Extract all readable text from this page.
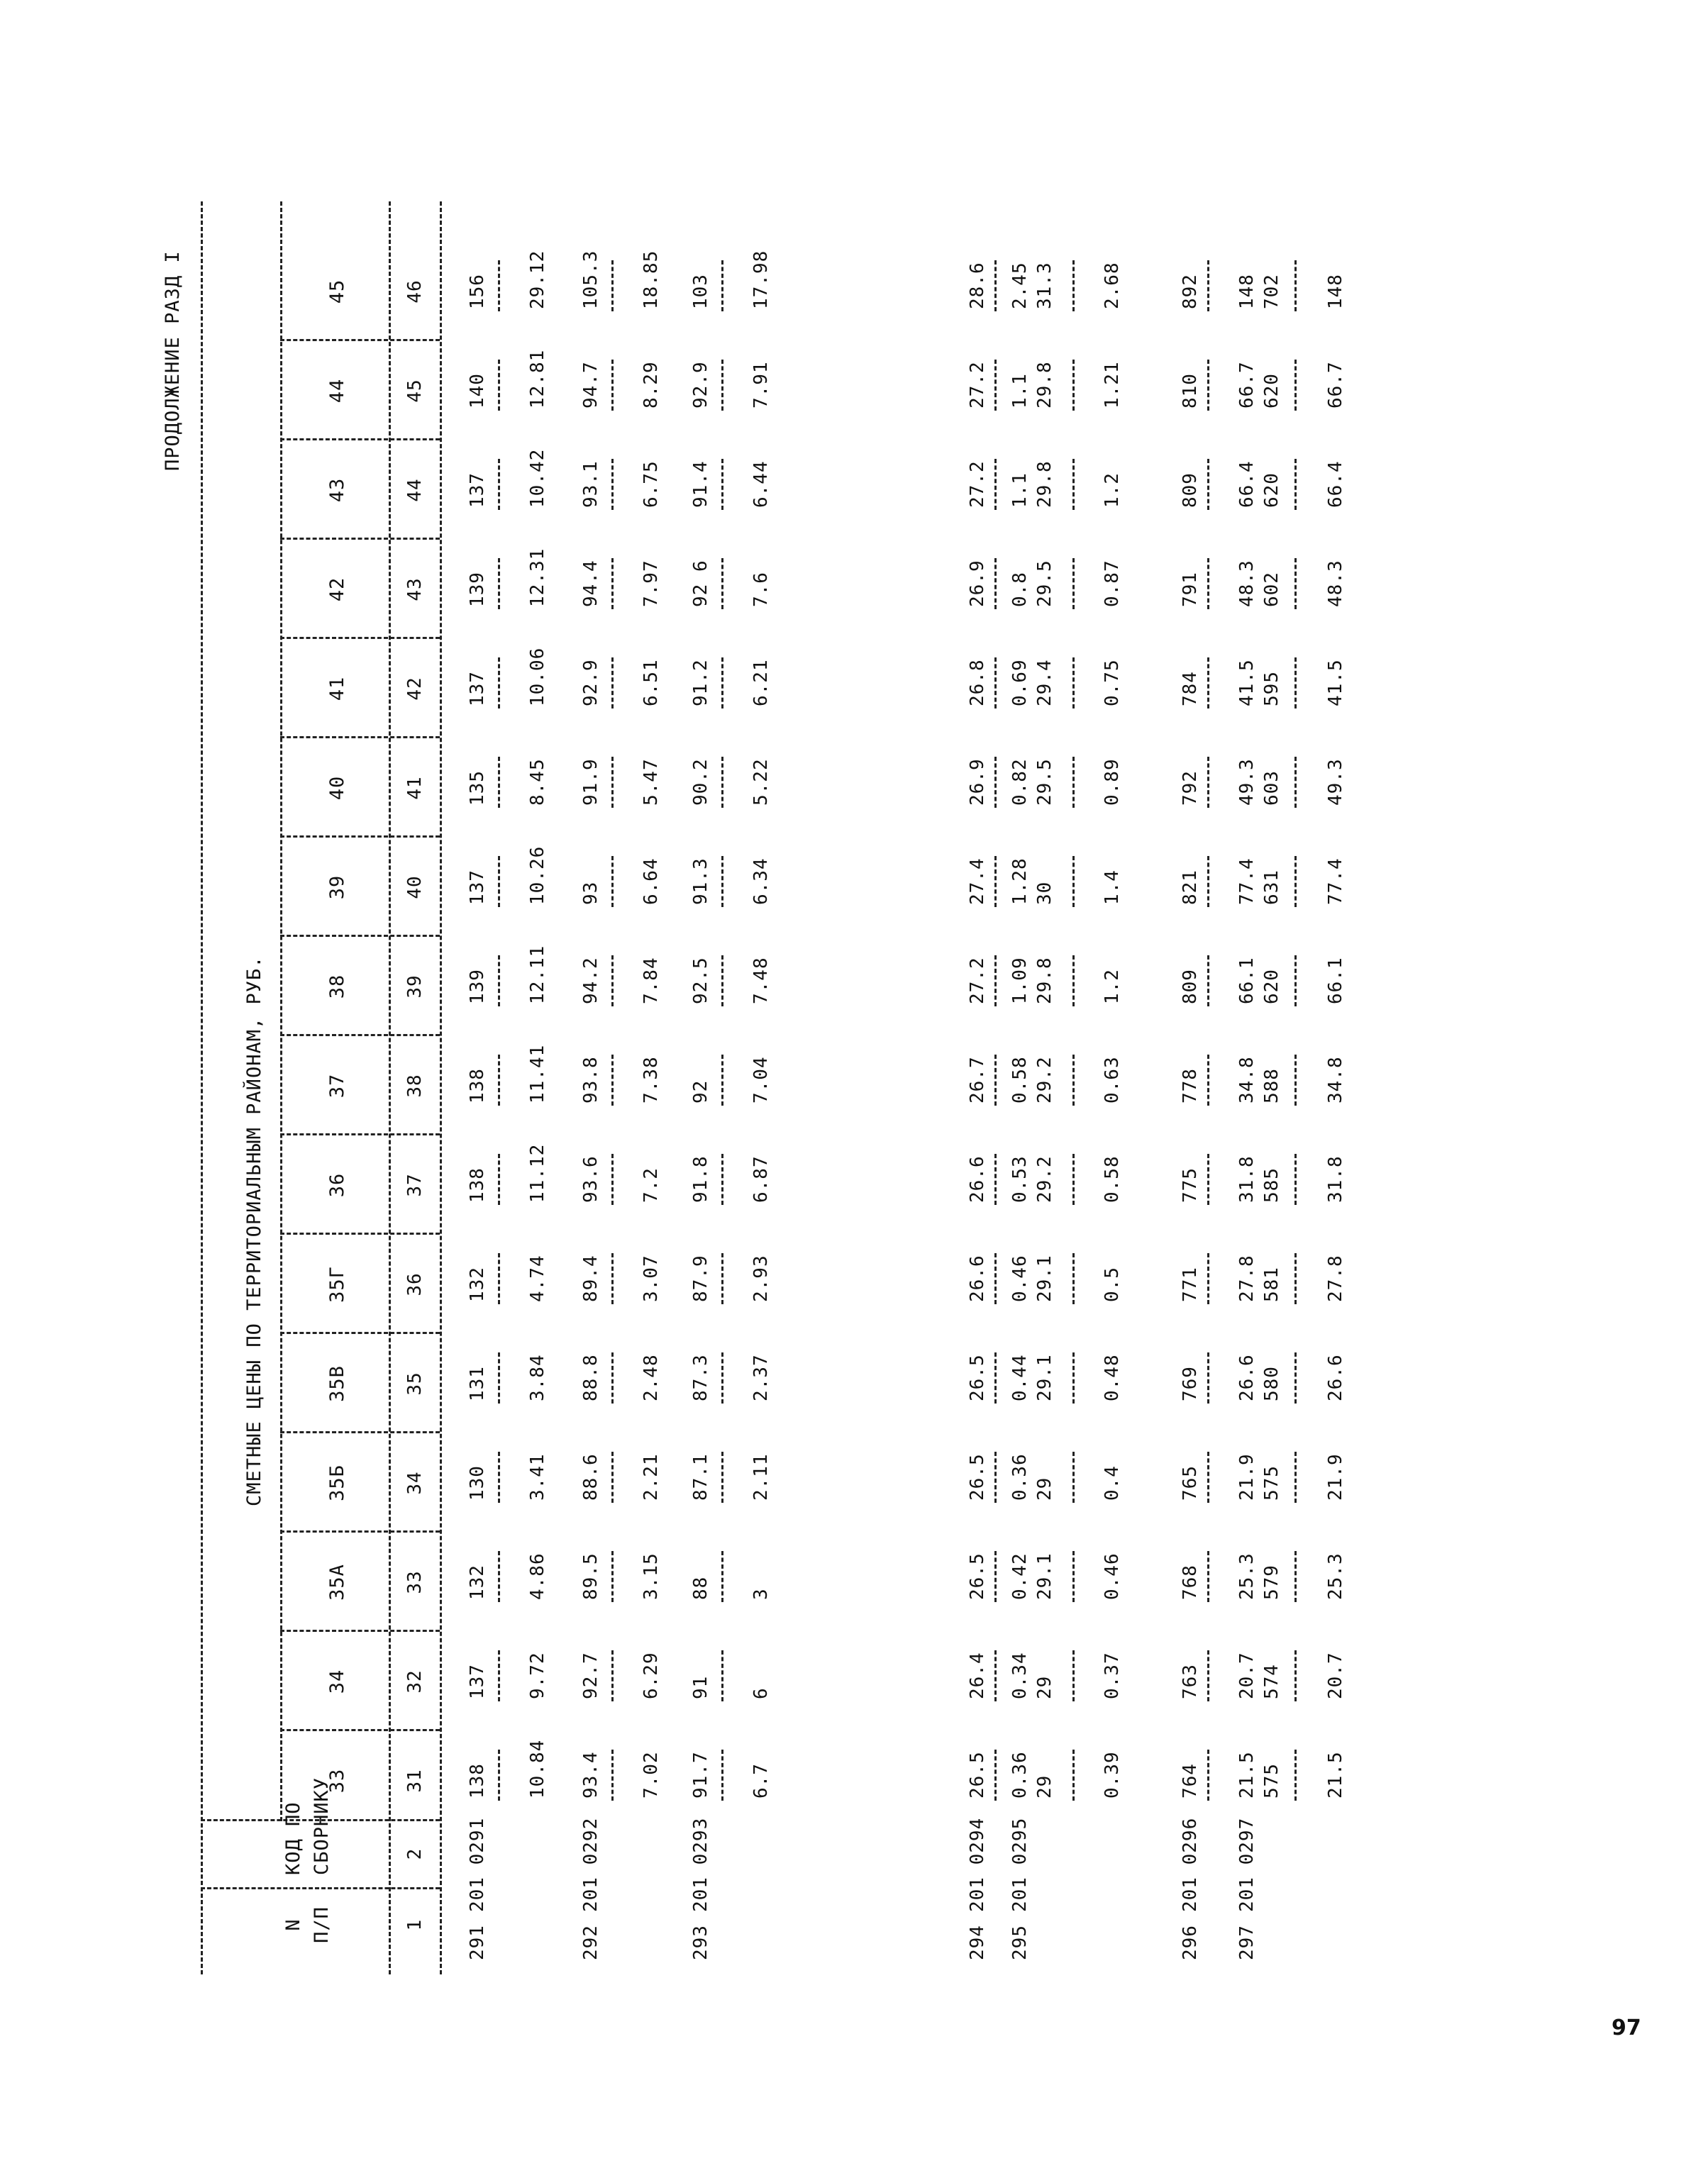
ПРОДОЛЖЕНИЕ РАЗД I
СМЕТНЫЕ ЦЕНЫ ПО ТЕРРИТОРИАЛЬНЫМ РАЙОНАМ, РУБ.
N П/П
КОД ПО СБОРНИКУ
33
34
35А
35Б
35В
35Г
36
37
38
39
40
41
42
43
44
45
1
2
31
32
33
34
35
36
37
38
39
40
41
42
43
44
45
46
291
201 0291
138
137
132
130
131
132
138
138
139
137
135
137
139
137
140
156
10.84
9.72
4.86
3.41
3.84
4.74
11.12
11.41
12.11
10.26
8.45
10.06
12.31
10.42
12.81
29.12
292
201 0292
93.4
92.7
89.5
88.6
88.8
89.4
93.6
93.8
94.2
93
91.9
92.9
94.4
93.1
94.7
105.3
7.02
6.29
3.15
2.21
2.48
3.07
7.2
7.38
7.84
6.64
5.47
6.51
7.97
6.75
8.29
18.85
293
201 0293
91.7
91
88
87.1
87.3
87.9
91.8
92
92.5
91.3
90.2
91.2
92 6
91.4
92.9
103
6.7
6
3
2.11
2.37
2.93
6.87
7.04
7.48
6.34
5.22
6.21
7.6
6.44
7.91
17.98
294
201 0294
26.5
26.4
26.5
26.5
26.5
26.6
26.6
26.7
27.2
27.4
26.9
26.8
26.9
27.2
27.2
28.6
295
201 0295
0.36
0.34
0.42
0.36
0.44
0.46
0.53
0.58
1.09
1.28
0.82
0.69
0.8
1.1
1.1
2.45
29
29
29.1
29
29.1
29.1
29.2
29.2
29.8
30
29.5
29.4
29.5
29.8
29.8
31.3
0.39
0.37
0.46
0.4
0.48
0.5
0.58
0.63
1.2
1.4
0.89
0.75
0.87
1.2
1.21
2.68
296
201 0296
764
763
768
765
769
771
775
778
809
821
792
784
791
809
810
892
297
201 0297
21.5
20.7
25.3
21.9
26.6
27.8
31.8
34.8
66.1
77.4
49.3
41.5
48.3
66.4
66.7
148
575
574
579
575
580
581
585
588
620
631
603
595
602
620
620
702
21.5
20.7
25.3
21.9
26.6
27.8
31.8
34.8
66.1
77.4
49.3
41.5
48.3
66.4
66.7
148
97
